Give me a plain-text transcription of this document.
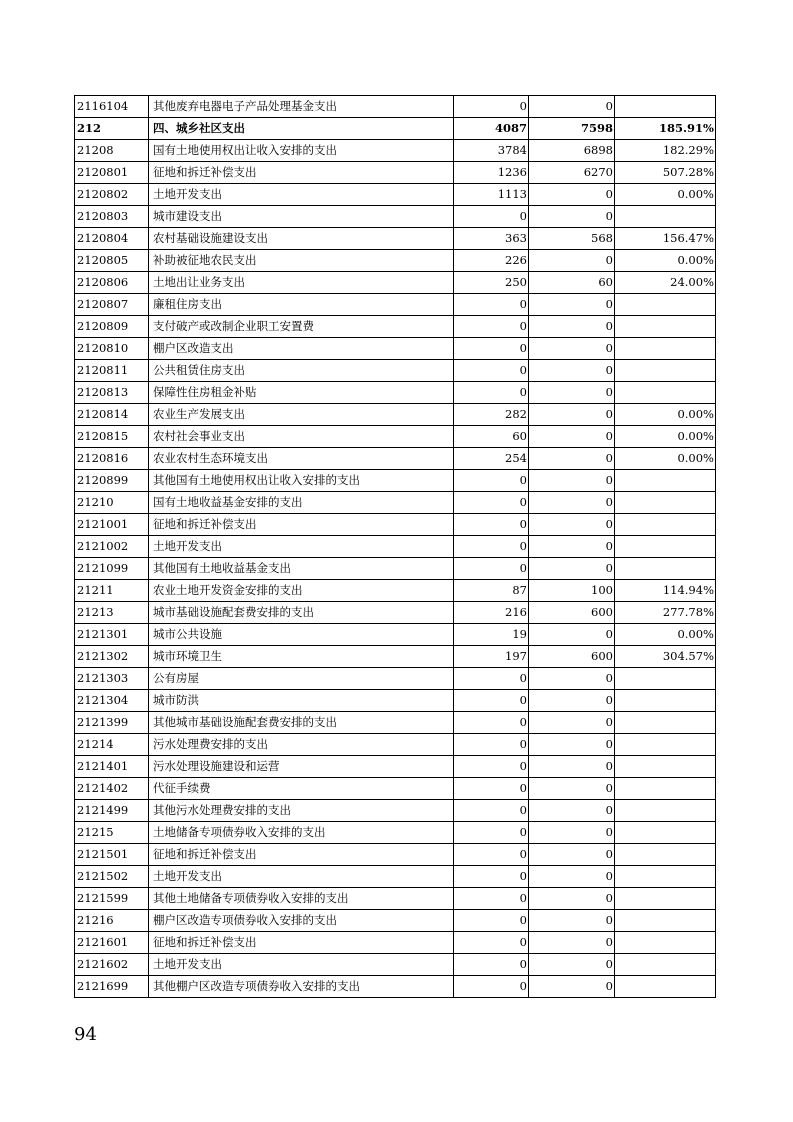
2116104	其他废弃电器电子产品处理基金支出	0	0	
212	四、城乡社区支出	4087	7598	185.91%
21208	国有土地使用权出让收入安排的支出	3784	6898	182.29%
2120801	征地和拆迁补偿支出	1236	6270	507.28%
2120802	土地开发支出	1113	0	0.00%
2120803	城市建设支出	0	0	
2120804	农村基础设施建设支出	363	568	156.47%
2120805	补助被征地农民支出	226	0	0.00%
2120806	土地出让业务支出	250	60	24.00%
2120807	廉租住房支出	0	0	
2120809	支付破产或改制企业职工安置费	0	0	
2120810	棚户区改造支出	0	0	
2120811	公共租赁住房支出	0	0	
2120813	保障性住房租金补贴	0	0	
2120814	农业生产发展支出	282	0	0.00%
2120815	农村社会事业支出	60	0	0.00%
2120816	农业农村生态环境支出	254	0	0.00%
2120899	其他国有土地使用权出让收入安排的支出	0	0	
21210	国有土地收益基金安排的支出	0	0	
2121001	征地和拆迁补偿支出	0	0	
2121002	土地开发支出	0	0	
2121099	其他国有土地收益基金支出	0	0	
21211	农业土地开发资金安排的支出	87	100	114.94%
21213	城市基础设施配套费安排的支出	216	600	277.78%
2121301	城市公共设施	19	0	0.00%
2121302	城市环境卫生	197	600	304.57%
2121303	公有房屋	0	0	
2121304	城市防洪	0	0	
2121399	其他城市基础设施配套费安排的支出	0	0	
21214	污水处理费安排的支出	0	0	
2121401	污水处理设施建设和运营	0	0	
2121402	代征手续费	0	0	
2121499	其他污水处理费安排的支出	0	0	
21215	土地储备专项债券收入安排的支出	0	0	
2121501	征地和拆迁补偿支出	0	0	
2121502	土地开发支出	0	0	
2121599	其他土地储备专项债券收入安排的支出	0	0	
21216	棚户区改造专项债券收入安排的支出	0	0	
2121601	征地和拆迁补偿支出	0	0	
2121602	土地开发支出	0	0	
2121699	其他棚户区改造专项债券收入安排的支出	0	0	
94
